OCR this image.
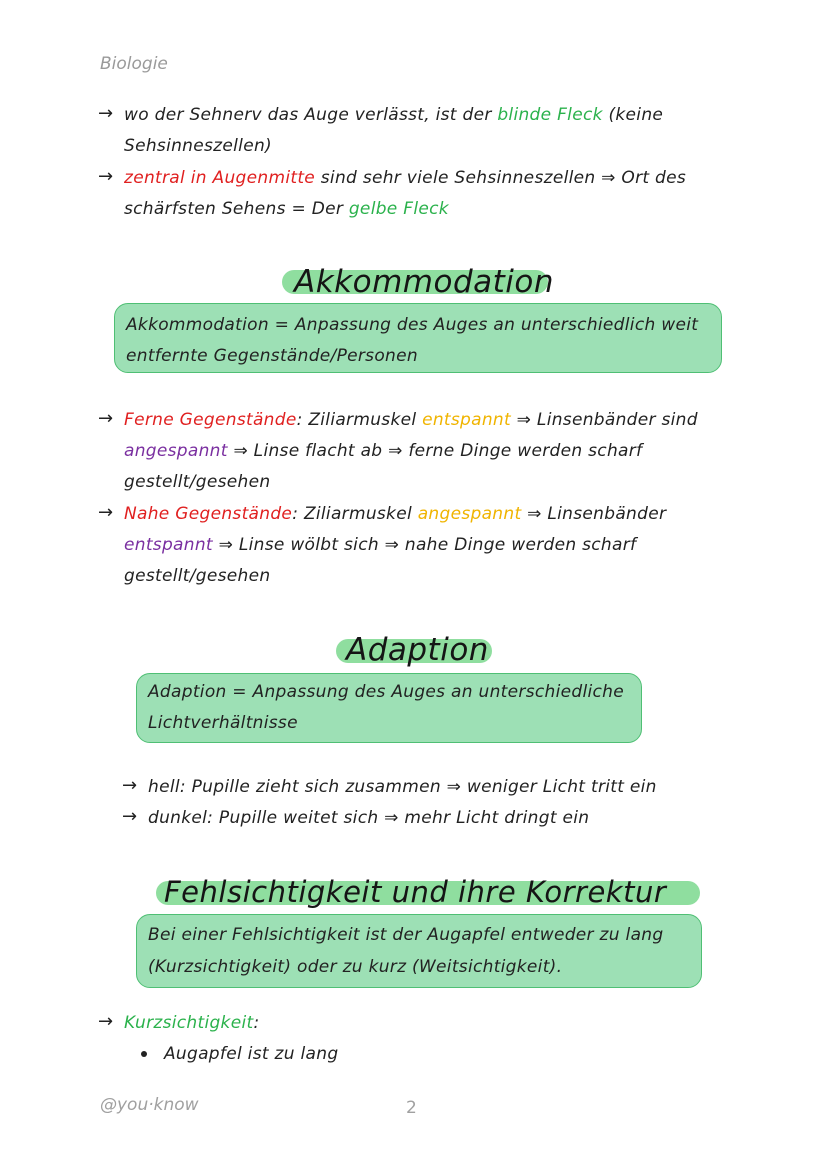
Biologie
→ wo der Sehnerv das Auge verlässt, ist der blinde Fleck (keine
Sehsinneszellen)
→ zentral in Augenmitte sind sehr viele Sehsinneszellen ⇒ Ort des
schärfsten Sehens = Der gelbe Fleck
Akkommodation
Akkommodation = Anpassung des Auges an unterschiedlich weit
entfernte Gegenstände/Personen
→ Ferne Gegenstände: Ziliarmuskel entspannt ⇒ Linsenbänder sind
angespannt ⇒ Linse flacht ab ⇒ ferne Dinge werden scharf
gestellt/gesehen
→ Nahe Gegenstände: Ziliarmuskel angespannt ⇒ Linsenbänder
entspannt ⇒ Linse wölbt sich ⇒ nahe Dinge werden scharf
gestellt/gesehen
Adaption
Adaption = Anpassung des Auges an unterschiedliche
Lichtverhältnisse
→ hell: Pupille zieht sich zusammen ⇒ weniger Licht tritt ein
→ dunkel: Pupille weitet sich ⇒ mehr Licht dringt ein
Fehlsichtigkeit und ihre Korrektur
Bei einer Fehlsichtigkeit ist der Augapfel entweder zu lang
(Kurzsichtigkeit) oder zu kurz (Weitsichtigkeit).
→ Kurzsichtigkeit:
Augapfel ist zu lang
@you·know	2
